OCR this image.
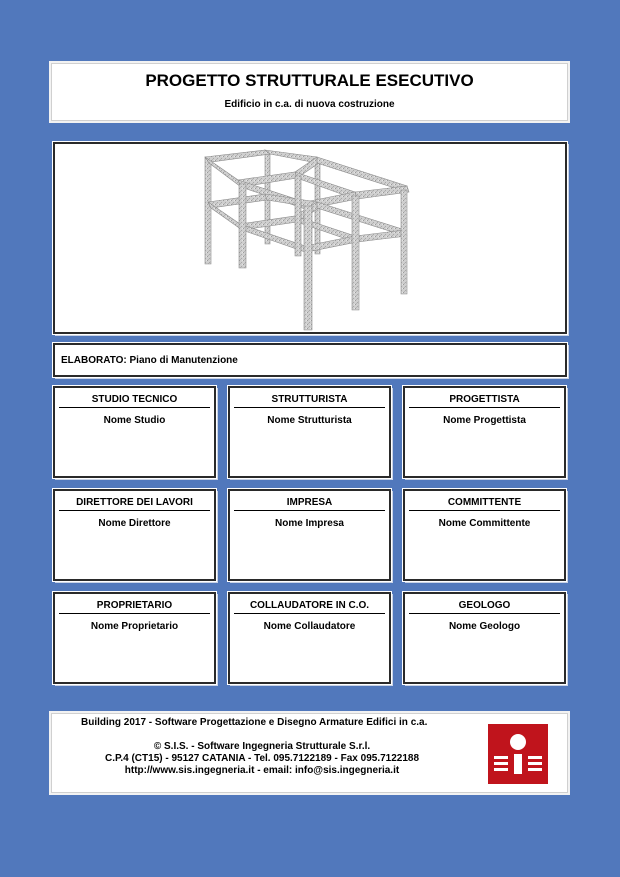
PROGETTO STRUTTURALE ESECUTIVO
Edificio in c.a. di nuova costruzione
ELABORATO: Piano di Manutenzione
STUDIO TECNICO
Nome Studio
STRUTTURISTA
Nome Strutturista
PROGETTISTA
Nome Progettista
DIRETTORE DEI LAVORI
Nome Direttore
IMPRESA
Nome Impresa
COMMITTENTE
Nome Committente
PROPRIETARIO
Nome Proprietario
COLLAUDATORE IN C.O.
Nome Collaudatore
GEOLOGO
Nome Geologo
Building 2017 - Software Progettazione e Disegno Armature Edifici in c.a.
© S.I.S. - Software Ingegneria Strutturale S.r.l.
C.P.4 (CT15) - 95127 CATANIA - Tel. 095.7122189 - Fax 095.7122188
http://www.sis.ingegneria.it - email: info@sis.ingegneria.it
